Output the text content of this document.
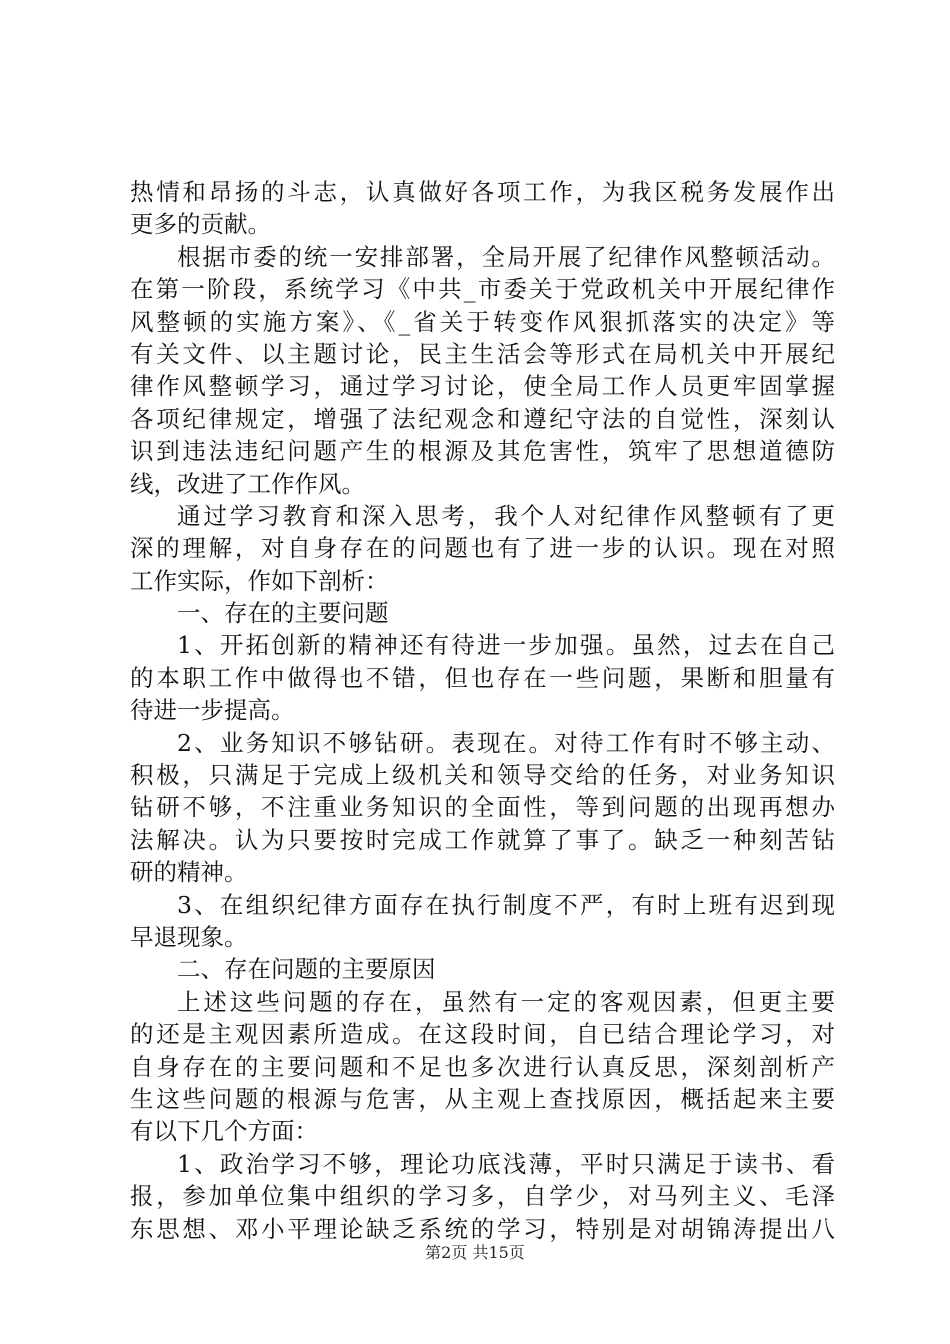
热情和昂扬的斗志，认真做好各项工作，为我区税务发展作出
更多的贡献。
根据市委的统一安排部署，全局开展了纪律作风整顿活动。
在第一阶段，系统学习《中共_市委关于党政机关中开展纪律作
风整顿的实施方案》、《_省关于转变作风狠抓落实的决定》等
有关文件、以主题讨论，民主生活会等形式在局机关中开展纪
律作风整顿学习，通过学习讨论，使全局工作人员更牢固掌握
各项纪律规定，增强了法纪观念和遵纪守法的自觉性，深刻认
识到违法违纪问题产生的根源及其危害性，筑牢了思想道德防
线，改进了工作作风。
通过学习教育和深入思考，我个人对纪律作风整顿有了更
深的理解，对自身存在的问题也有了进一步的认识。现在对照
工作实际，作如下剖析：
一、存在的主要问题
1、开拓创新的精神还有待进一步加强。虽然，过去在自己
的本职工作中做得也不错，但也存在一些问题，果断和胆量有
待进一步提高。
2、业务知识不够钻研。表现在。对待工作有时不够主动、
积极，只满足于完成上级机关和领导交给的任务，对业务知识
钻研不够，不注重业务知识的全面性，等到问题的出现再想办
法解决。认为只要按时完成工作就算了事了。缺乏一种刻苦钻
研的精神。
3、在组织纪律方面存在执行制度不严，有时上班有迟到现
早退现象。
二、存在问题的主要原因
上述这些问题的存在，虽然有一定的客观因素，但更主要
的还是主观因素所造成。在这段时间，自已结合理论学习，对
自身存在的主要问题和不足也多次进行认真反思，深刻剖析产
生这些问题的根源与危害，从主观上查找原因，概括起来主要
有以下几个方面：
1、政治学习不够，理论功底浅薄，平时只满足于读书、看
报，参加单位集中组织的学习多，自学少，对马列主义、毛泽
东思想、邓小平理论缺乏系统的学习，特别是对胡锦涛提出八
第2页 共15页
